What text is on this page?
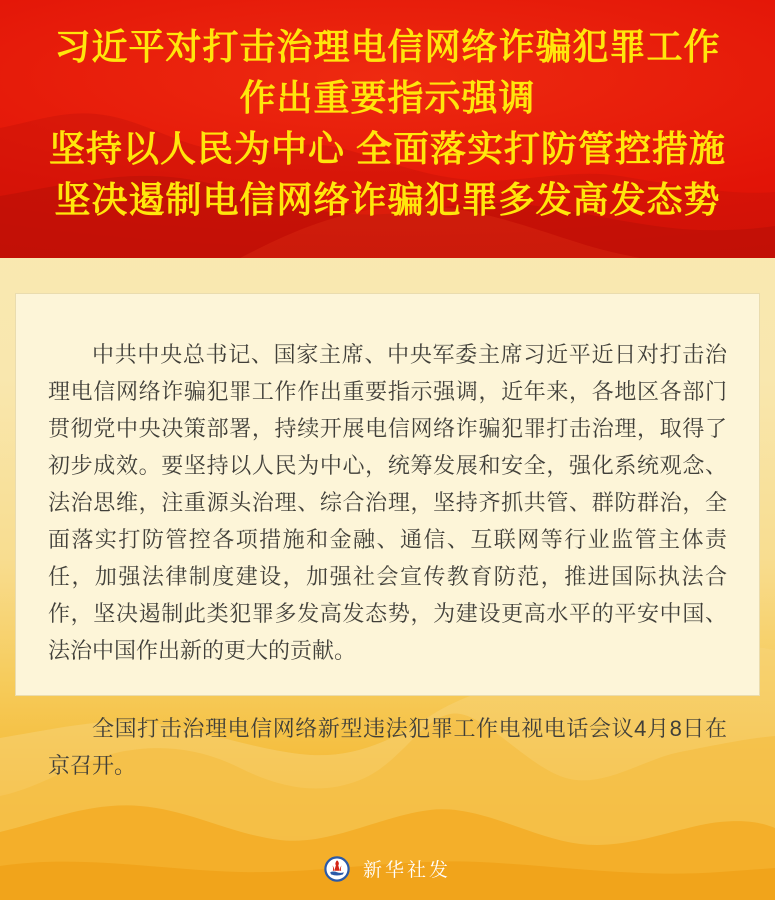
习近平对打击治理电信网络诈骗犯罪工作
作出重要指示强调
坚持以人民为中心 全面落实打防管控措施
坚决遏制电信网络诈骗犯罪多发高发态势

中共中央总书记、国家主席、中央军委主席习近平近日对打击治理电信网络诈骗犯罪工作作出重要指示强调，近年来，各地区各部门贯彻党中央决策部署，持续开展电信网络诈骗犯罪打击治理，取得了初步成效。要坚持以人民为中心，统筹发展和安全，强化系统观念、法治思维，注重源头治理、综合治理，坚持齐抓共管、群防群治，全面落实打防管控各项措施和金融、通信、互联网等行业监管主体责任，加强法律制度建设，加强社会宣传教育防范，推进国际执法合作，坚决遏制此类犯罪多发高发态势，为建设更高水平的平安中国、法治中国作出新的更大的贡献。

全国打击治理电信网络新型违法犯罪工作电视电话会议4月8日在京召开。

新华社发
